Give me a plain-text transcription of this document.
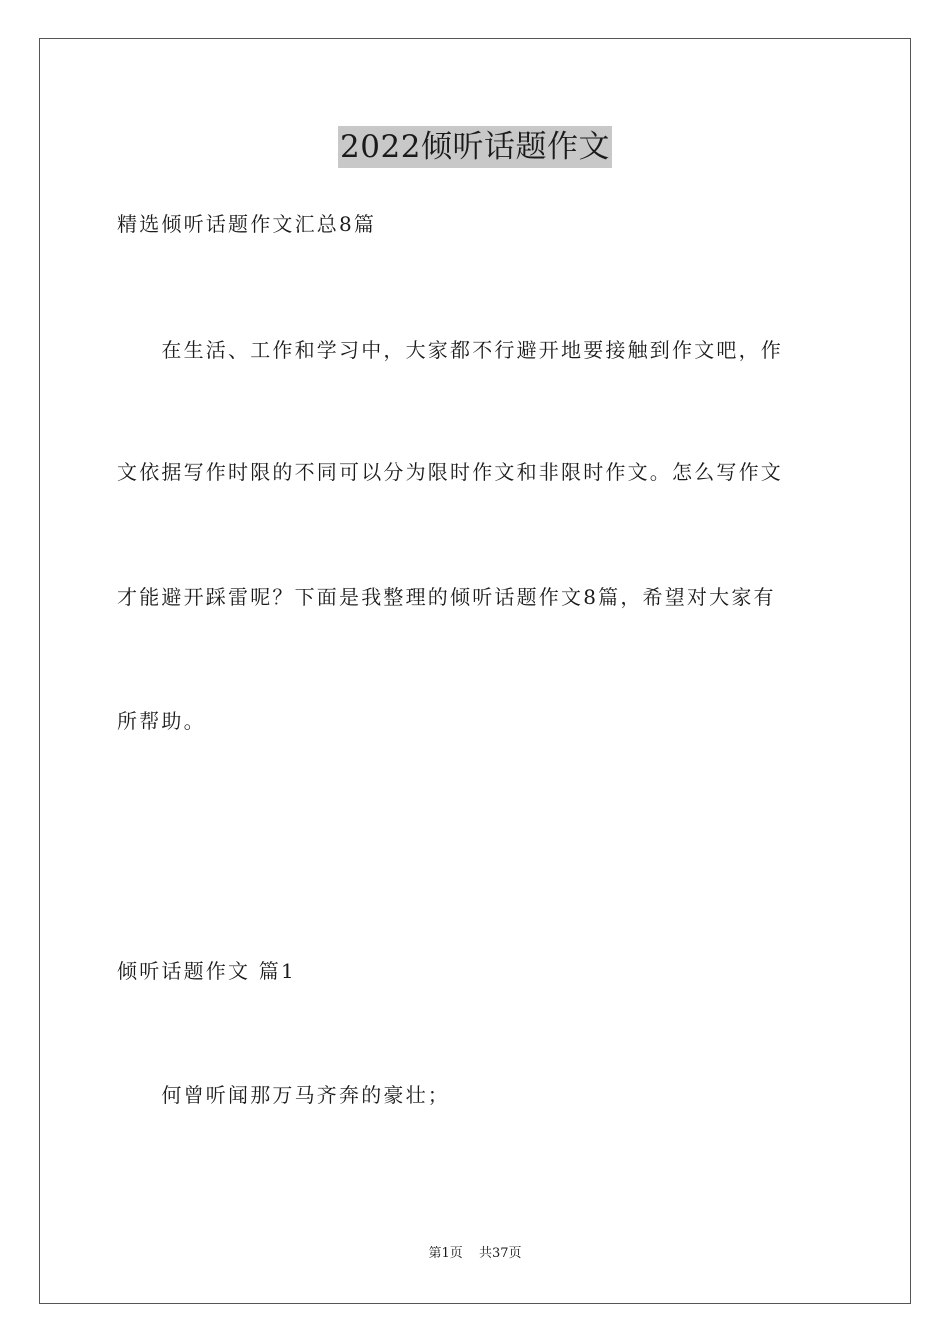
2022倾听话题作文
精选倾听话题作文汇总8篇
　　在生活、工作和学习中，大家都不行避开地要接触到作文吧，作
文依据写作时限的不同可以分为限时作文和非限时作文。怎么写作文
才能避开踩雷呢？下面是我整理的倾听话题作文8篇，希望对大家有
所帮助。
倾听话题作文 篇1
　　何曾听闻那万马齐奔的豪壮；
第1页 共37页
